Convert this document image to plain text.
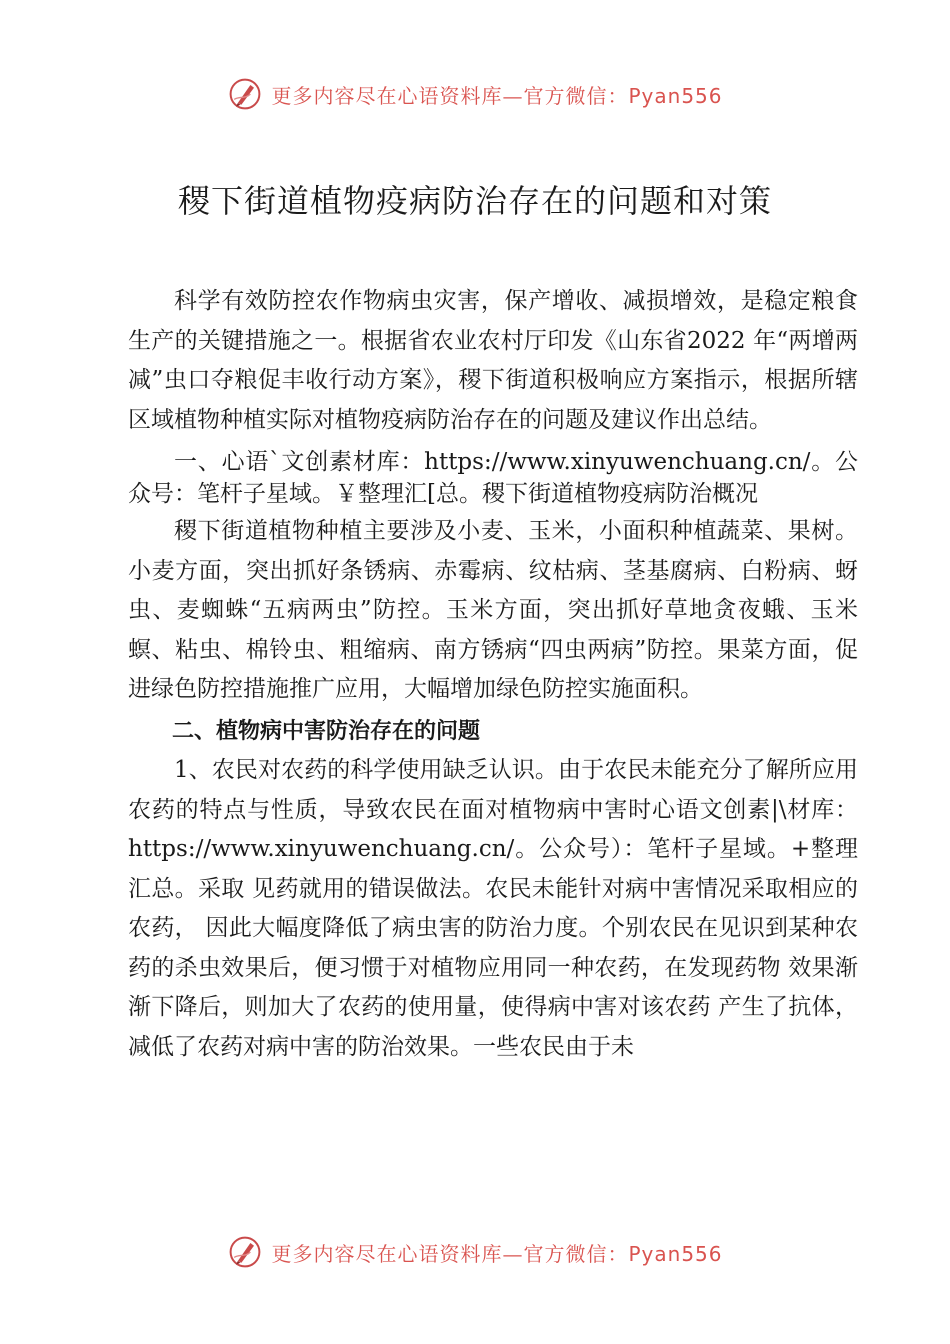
更多内容尽在心语资料库—官方微信：Pyan556
稷下街道植物疫病防治存在的问题和对策

科学有效防控农作物病虫灾害，保产增收、减损增效，是稳定粮食生产的关键措施之一。根据省农业农村厅印发《山东省2022 年“两增两减”虫口夺粮促丰收行动方案》，稷下街道积极响应方案指示，根据所辖区域植物种植实际对植物疫病防治存在的问题及建议作出总结。

一、心语`文创素材库：https://www.xinyuwenchuang.cn/。公众号：笔杆子星域。￥整理汇[总。稷下街道植物疫病防治概况

稷下街道植物种植主要涉及小麦、玉米，小面积种植蔬菜、果树。小麦方面，突出抓好条锈病、赤霉病、纹枯病、茎基腐病、白粉病、蚜虫、麦蜘蛛“五病两虫”防控。玉米方面，突出抓好草地贪夜蛾、玉米螟、粘虫、棉铃虫、粗缩病、南方锈病“四虫两病”防控。果菜方面，促进绿色防控措施推广应用，大幅增加绿色防控实施面积。

二、植物病中害防治存在的问题

1、农民对农药的科学使用缺乏认识。由于农民未能充分了解所应用农药的特点与性质，导致农民在面对植物病中害时心语文创素|\材库：https://www.xinyuwenchuang.cn/。公众号）：笔杆子星域。+整理汇总。采取 见药就用的错误做法。农民未能针对病中害情况采取相应的农药， 因此大幅度降低了病虫害的防治力度。个别农民在见识到某种农 药的杀虫效果后，便习惯于对植物应用同一种农药，在发现药物 效果渐渐下降后，则加大了农药的使用量，使得病中害对该农药 产生了抗体，减低了农药对病中害的防治效果。一些农民由于未

更多内容尽在心语资料库—官方微信：Pyan556
